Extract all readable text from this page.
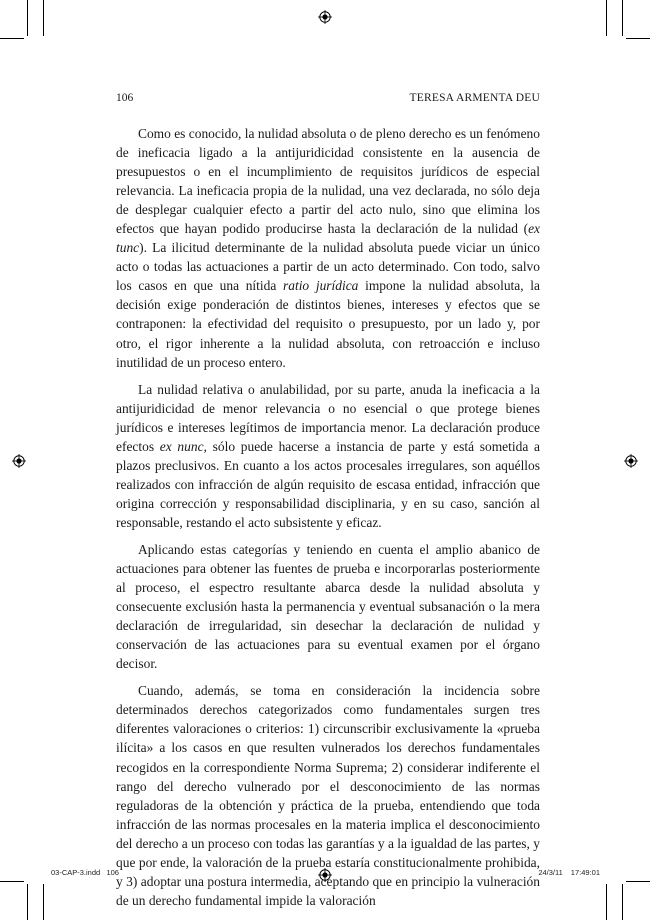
106	TERESA ARMENTA DEU

Como es conocido, la nulidad absoluta o de pleno derecho es un fenómeno de ineficacia ligado a la antijuridicidad consistente en la ausencia de presupuestos o en el incumplimiento de requisitos jurídicos de especial relevancia. La ineficacia propia de la nulidad, una vez declarada, no sólo deja de desplegar cualquier efecto a partir del acto nulo, sino que elimina los efectos que hayan podido producirse hasta la declaración de la nulidad (ex tunc). La ilicitud determinante de la nulidad absoluta puede viciar un único acto o todas las actuaciones a partir de un acto determinado. Con todo, salvo los casos en que una nítida ratio jurídica impone la nulidad absoluta, la decisión exige ponderación de distintos bienes, intereses y efectos que se contraponen: la efectividad del requisito o presupuesto, por un lado y, por otro, el rigor inherente a la nulidad absoluta, con retroacción e incluso inutilidad de un proceso entero.

La nulidad relativa o anulabilidad, por su parte, anuda la ineficacia a la antijuridicidad de menor relevancia o no esencial o que protege bienes jurídicos e intereses legítimos de importancia menor. La declaración produce efectos ex nunc, sólo puede hacerse a instancia de parte y está sometida a plazos preclusivos. En cuanto a los actos procesales irregulares, son aquéllos realizados con infracción de algún requisito de escasa entidad, infracción que origina corrección y responsabilidad disciplinaria, y en su caso, sanción al responsable, restando el acto subsistente y eficaz.

Aplicando estas categorías y teniendo en cuenta el amplio abanico de actuaciones para obtener las fuentes de prueba e incorporarlas posteriormente al proceso, el espectro resultante abarca desde la nulidad absoluta y consecuente exclusión hasta la permanencia y eventual subsanación o la mera declaración de irregularidad, sin desechar la declaración de nulidad y conservación de las actuaciones para su eventual examen por el órgano decisor.

Cuando, además, se toma en consideración la incidencia sobre determinados derechos categorizados como fundamentales surgen tres diferentes valoraciones o criterios: 1) circunscribir exclusivamente la «prueba ilícita» a los casos en que resulten vulnerados los derechos fundamentales recogidos en la correspondiente Norma Suprema; 2) considerar indiferente el rango del derecho vulnerado por el desconocimiento de las normas reguladoras de la obtención y práctica de la prueba, entendiendo que toda infracción de las normas procesales en la materia implica el desconocimiento del derecho a un proceso con todas las garantías y a la igualdad de las partes, y que por ende, la valoración de la prueba estaría constitucionalmente prohibida, y 3) adoptar una postura intermedia, aceptando que en principio la vulneración de un derecho fundamental impide la valoración

03-CAP-3.indd   106	24/3/11 17:49:01
